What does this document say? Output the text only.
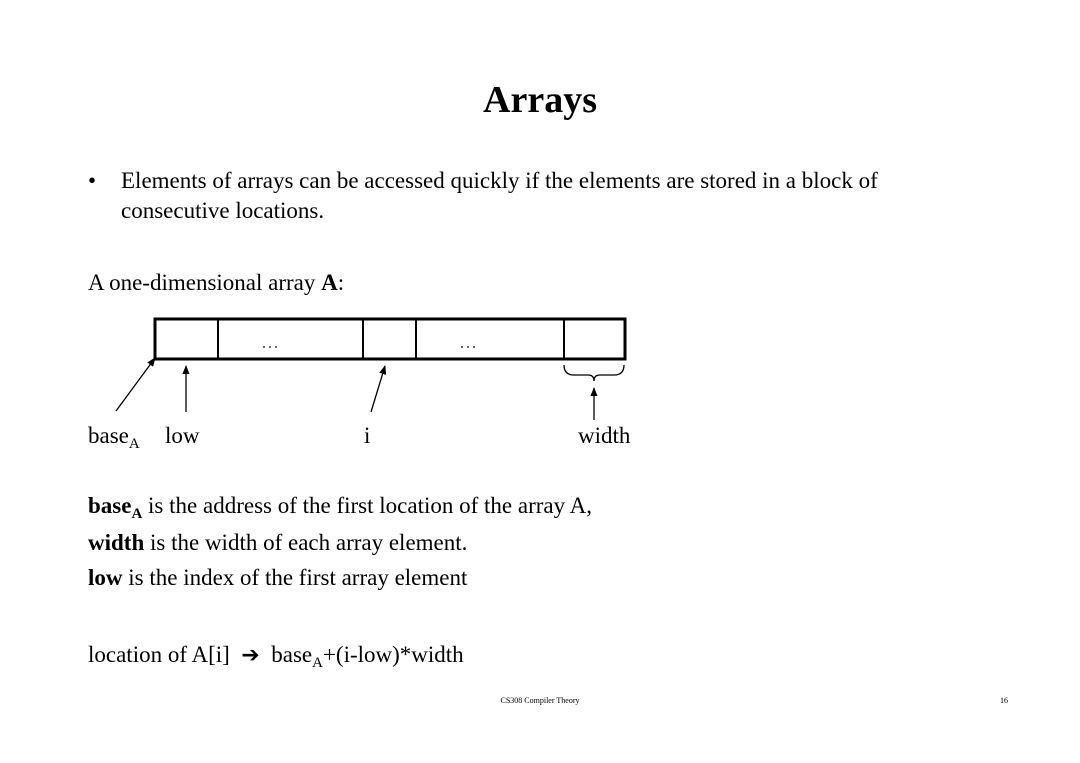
Arrays
• Elements of arrays can be accessed quickly if the elements are stored in a block of
consecutive locations.
A one-dimensional array A:
…	…
base$_A$ low	i	width
base$_A$ is the address of the first location of the array A,
width is the width of each array element.
low is the index of the first array element
location of A[i] ➔ base$_A$+(i-low)*width
CS308 Compiler Theory	16
